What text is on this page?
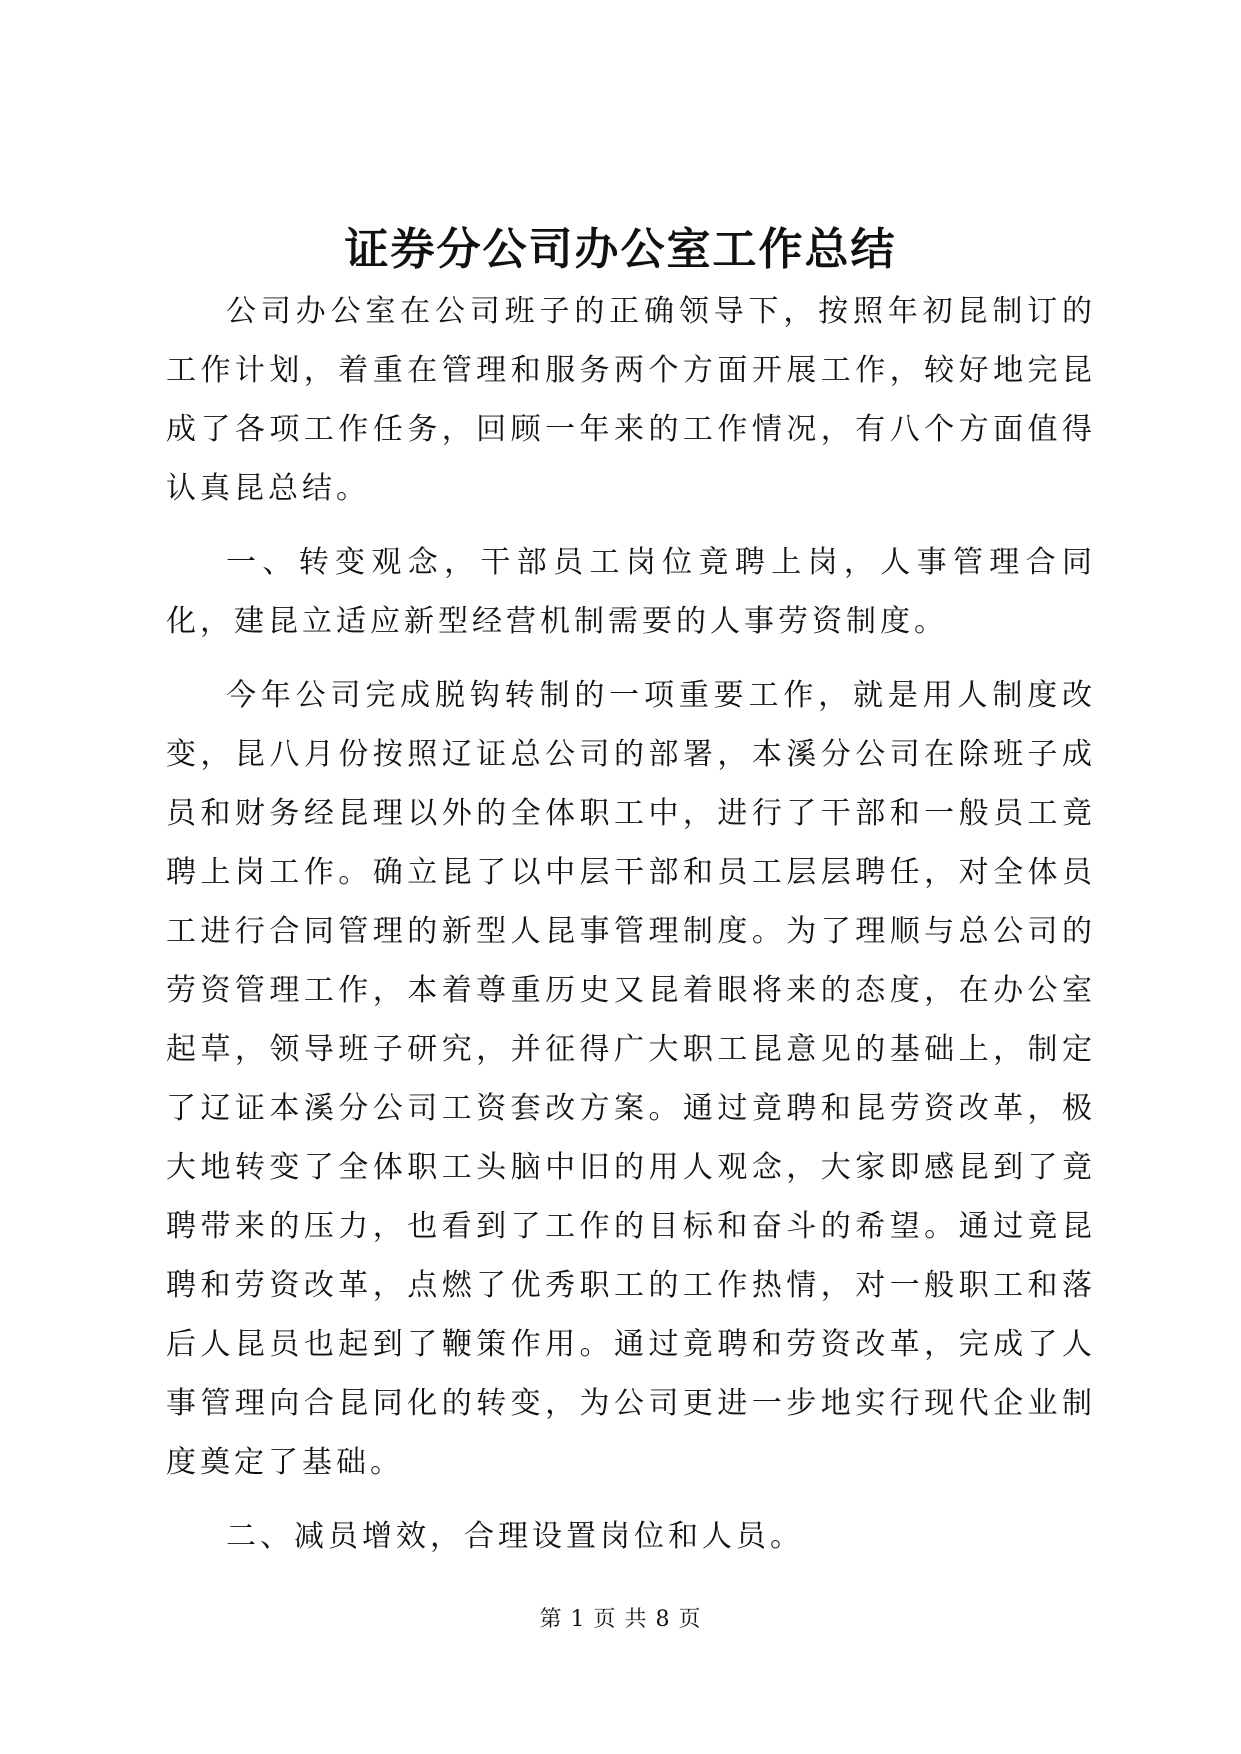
证券分公司办公室工作总结

公司办公室在公司班子的正确领导下，按照年初昆制订的工作计划，着重在管理和服务两个方面开展工作，较好地完昆成了各项工作任务，回顾一年来的工作情况，有八个方面值得认真昆总结。

一、转变观念，干部员工岗位竟聘上岗，人事管理合同化，建昆立适应新型经营机制需要的人事劳资制度。

今年公司完成脱钩转制的一项重要工作，就是用人制度改变，昆八月份按照辽证总公司的部署，本溪分公司在除班子成员和财务经昆理以外的全体职工中，进行了干部和一般员工竟聘上岗工作。确立昆了以中层干部和员工层层聘任，对全体员工进行合同管理的新型人昆事管理制度。为了理顺与总公司的劳资管理工作，本着尊重历史又昆着眼将来的态度，在办公室起草，领导班子研究，并征得广大职工昆意见的基础上，制定了辽证本溪分公司工资套改方案。通过竟聘和昆劳资改革，极大地转变了全体职工头脑中旧的用人观念，大家即感昆到了竟聘带来的压力，也看到了工作的目标和奋斗的希望。通过竟昆聘和劳资改革，点燃了优秀职工的工作热情，对一般职工和落后人昆员也起到了鞭策作用。通过竟聘和劳资改革，完成了人事管理向合昆同化的转变，为公司更进一步地实行现代企业制度奠定了基础。

二、减员增效，合理设置岗位和人员。

第 1 页 共 8 页
